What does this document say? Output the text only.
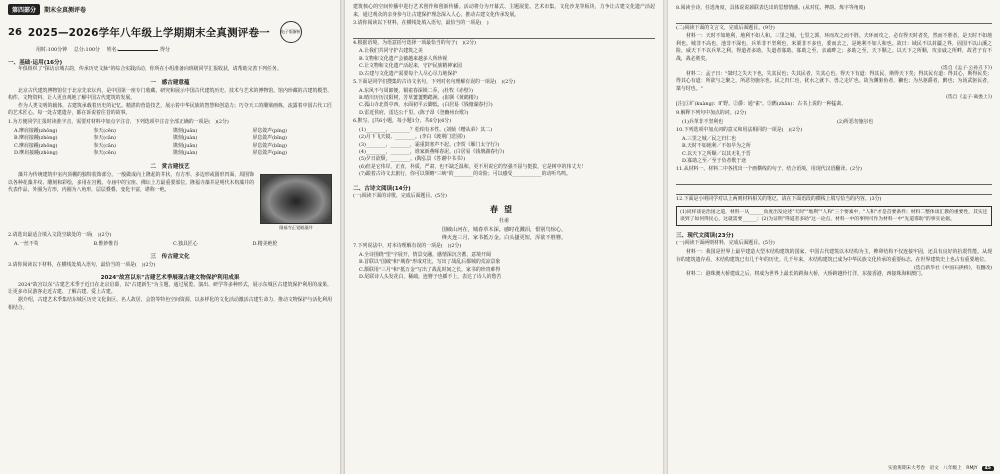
第四部分	期末全真测评卷
26 2025—2026学年八年级上学期期末全真测评卷一	电子版解析
用时:100分钟　 总分:100分　 姓名:	得分
一、基础·运用(16分)

年俱组织了"探访京城古韵，传承历史文脉"的综合实践活动，你所在小组准备向班级同学汇报收获，请帮助完善下列任务。

一　感古建意蕴

北京古代建筑博物馆位于北京先农坛内，是中国第一座专门收藏、研究和展示中国古代建筑历史、技术与艺术的博物馆。馆内珍藏的古建筑模型、构件、文物资料，让人更直观地了解中国古代建筑的发展。

作为人类文明的载体，古建筑承载着历史的记忆。精湛的营造技艺，展示着中华民族的智慧和创造力；巧夺天工的雕梁画栋，流露着中国古代工匠的艺术匠心。每一处古建遗存，都在诉说着往昔的故事。

1.为方便同学汇报时读准字音，需要对材料中加点字注音，下列选项中注音全部正确的一项是(　)(2分)
A.摩肩接踵(zhǒng)	参天(cēn)	镌刻(juān)	屏息敛声(píng)
B.摩肩接踵(zhòng)	参天(cān)	镌刻(juàn)	屏息敛声(bǐng)
C.摩肩接踵(zhǒng)	参天(cān)	镌刻(juān)	屏息敛声(bǐng)
D.摩肩接踵(zhòng)	参天(cēn)	镌刻(juàn)	屏息敛声(píng)
二　赏古建技艺

藻井为传统建筑中室内顶棚的独特装饰部分。一般做成向上隆起的井状，有方形、多边形或圆形凹面，周围饰以各种花藻井纹、雕刻和彩绘，多用在宫殿、寺庙中的宝座、佛坛上方最重要部位。隆福寺藻井是明代木构藻井的代表作品，外圈为方形，内圈为八角形，层层叠叠，变化丰富，堪称一绝。

隆福寺正觉殿藻井
2.请选出最适合填入文段空缺处的一项(　)(2分)
A.一丝不苟	B.惟妙惟肖	C.独具匠心	D.精美绝伦
三　传古建文化
3.请你阅读以下材料，在横线处填入语句，最恰当的一项是(　)(2分)
2024"故宫以东"古建艺术季展现古建文物保护利用成果

2024"故宫以东"古建艺术季于近日在北京启幕，以"古建新生"为主题，通过展览、演出、研学等多种形式，展示东城区古建筑保护利用的成果，让更多市民游客走近古建、了解古建、爱上古建。

据介绍，古建艺术季集结东城区历史文化街区、名人故居、会馆等特色空间资源，以多样化的文化活动激活古建生命力，推动文物保护与活化利用相结合。

建筑核心的空间传播中进行艺术创作和创新传播。活动将分为开幕式、主题展览、艺术市集、文化沙龙等板块，力争让古建文化遗产活起来，通过观众的亲身参与让古建保护理念深入人心，推动古建文化传承发展。

3.请你阅读以下材料，在横线处填入语句，最恰当的一项是(　)
4.根据语境，为语意括号选择一项最恰当的句子(　)(2分)
A.让我们共同守护古建筑之美
B.文物和文化遗产会被越来越多人所珍视
C.让文物和文化遗产活起来，守护民族精神家园
D.古建与文化遗产需要每个人尽心尽力地保护
5.下面是同学们搜集的古诗文名句，下列对名句理解有误的一项是(　)(2分)
A.东风不与周郎便，铜雀春深锁二乔。(杜牧《赤壁》)
B.晴川历历汉阳树，芳草萋萋鹦鹉洲。(崔颢《黄鹤楼》)
C.孤山寺北贾亭西，水面初平云脚低。(白居易《钱塘湖春行》)
D.雷近侯府，雷达公千里。(陈子昂《登幽州台歌》)
6.默写。[共6小题，每小题1分，共6分](6分)
(1)________，________？松柏有本性。(刘桢《赠从弟》其二)
(2)月下飞天镜，________。(李白《渡荆门送别》)
(3)________，________，霜重鼓寒声不起。(李贺《雁门太守行》)
(4)________，________，谁家新燕啄春泥。(白居易《钱塘湖春行》)
(5)夕日欲颓，________。(陶弘景《答谢中书书》)
(6)但是它伟岸，正直，朴质，严肃，也不缺乏温和，更不用说它的坚强不屈与挺拔，它是树中的伟丈夫！
(7)跟着古诗文去旅行，你可以领略"三峡"的________的奇险；可以感受____________的动听鸟鸣。
二、古诗文阅读(14分)
(一)阅读下面的诗歌，完成后面题目。(5分)
春望
杜甫
国破山河在，城春草木深。感时花溅泪，恨别鸟惊心。
烽火连三月，家书抵万金。白头搔更短，浑欲不胜簪。
7.下列说法中，对本诗理解有误的一项是(　)(2分)
A.全诗围绕"望"字展开，情景交融，感情深沉含蓄，意境开阔
B.首联以"国破"和"城春"形成对比，写出了战乱后都城的荒凉景象
C.颔联用"三月"和"抵万金"写出了战乱时间之长，家书的珍贵难得
D.尾联诗人头发花白，稀疏，连簪子也插不上，表达了诗人的愁苦
8.阅读全诗，任选角度，具体说说颈联表达出的思想情感。(从对仗、押韵、炼字等角度)
(二)阅读下面的文言文，完成后面题目。(9分)

材料一：天时不如地利，地利不如人和。三里之城，七里之郭，环而攻之而不胜。夫环而攻之，必有得天时者矣，然而不胜者，是天时不如地利也。城非不高也，池非不深也，兵革非不坚利也，米粟非不多也，委而去之，是地利不如人和也。故曰：域民不以封疆之界，固国不以山溪之险，威天下不以兵革之利。得道者多助，失道者寡助。寡助之至，亲戚畔之；多助之至，天下顺之。以天下之所顺，攻亲戚之所畔，故君子有不战，战必胜矣。

(选自《孟子·公孙丑下》)

材料二：孟子曰："桀纣之失天下也，失其民也；失其民者，失其心也。得天下有道：得其民，斯得天下矣；得其民有道：得其心，斯得民矣；得其心有道：所欲与之聚之，所恶勿施尔也。民之归仁也，犹水之就下、兽之走圹也。故为渊驱鱼者，獭也；为丛驱爵者，鹯也；为汤武驱民者，桀与纣也。"

(选自《孟子·离娄上》)
[注]①圹(kuàng)：旷野。②爵：通"雀"。③鹯(zhān)：古书上说的一种猛禽。
9.解释下列句中加点的词。(2分)
(1)兵革非不坚利也	(2)所恶勿施尔也
10.下列选项中加点词的意义和用法相同的一项是(　)(2分)
A.三里之城／民之归仁也
B.天时不如地利／不如早为之所
C.以天下之所顺／以其无礼于晋
D.寡助之至／至于负者歌于途
11.从材料一、材料二中各找出一个画横线的句子，结合语境，用现代汉语翻译。(2分)
12.下面是小明同学对以上两则材料相关的笔记，请在下面语段的横线上填写恰当的内容。(3分)
(1)同样谈论治国之道，材料一从______角度出发论述"天时""地利""人和"三个要素中，"人和"才是首要条件；材料二整体谈汇教的重要性，其实还谈到了如何得民心，这就需要______；(2)为证明"得道者多助"这一论点，材料一中的事例可作为材料一中"先道寡助"的事实论据。
三、现代文阅读(23分)
(一)阅读下面两则材料，完成后面题目。(5分)

材料一：我国是世界上最早建造大型木结构建筑的国家，中国古代建筑以木结构为主，榫卯结构不仅连接牢固，还具有良好的抗震性能。从现存的建筑遗存看，木结构建筑已有几千年的历史。几千年来，木结构建筑已成为中华民族文化传承的重要标志，在世界建筑史上也占有重要地位。

(选自新华社《中国石拱桥》，有删改)

材料二：港珠澳大桥建成之后，将成为世界上最长的跨海大桥，大桥跨越伶仃洋，东接香港，西接珠海和澳门。

实验班期末大考卷　语文　八年级上　RMJY	45
